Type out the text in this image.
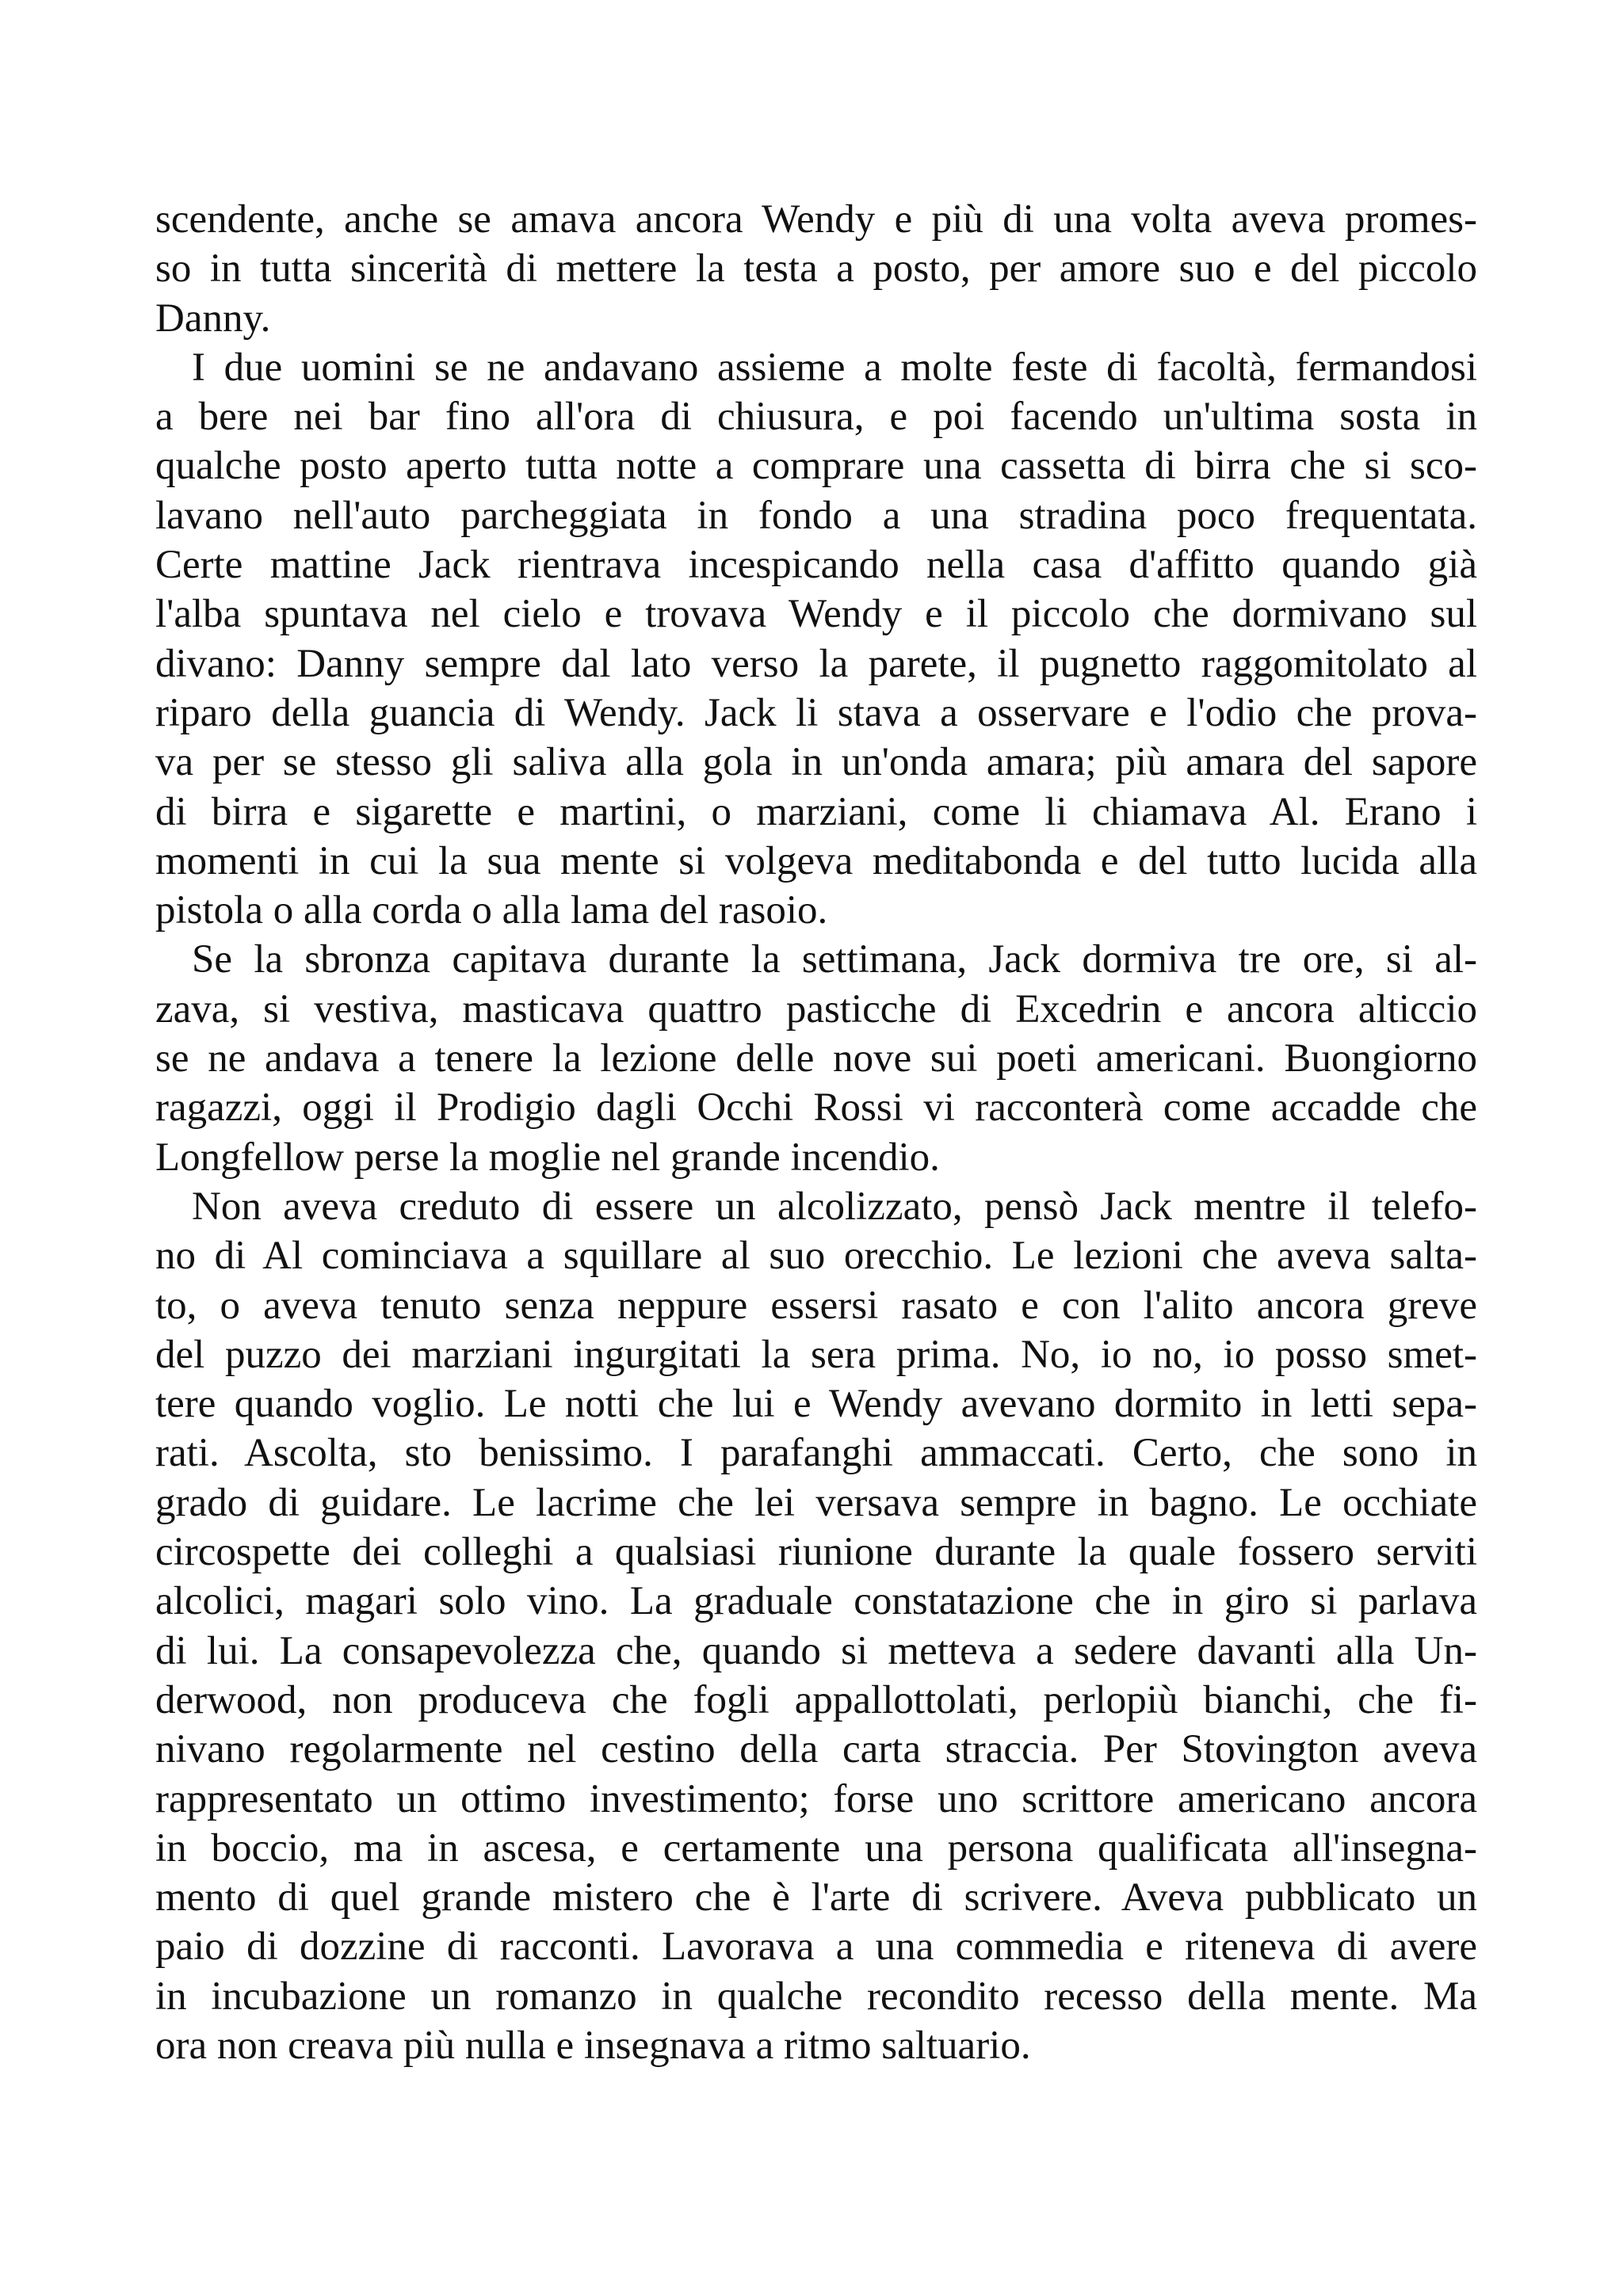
scendente, anche se amava ancora Wendy e più di una volta aveva promes-
so in tutta sincerità di mettere la testa a posto, per amore suo e del piccolo
Danny.
I due uomini se ne andavano assieme a molte feste di facoltà, fermandosi
a bere nei bar fino all'ora di chiusura, e poi facendo un'ultima sosta in
qualche posto aperto tutta notte a comprare una cassetta di birra che si sco-
lavano nell'auto parcheggiata in fondo a una stradina poco frequentata.
Certe mattine Jack rientrava incespicando nella casa d'affitto quando già
l'alba spuntava nel cielo e trovava Wendy e il piccolo che dormivano sul
divano: Danny sempre dal lato verso la parete, il pugnetto raggomitolato al
riparo della guancia di Wendy. Jack li stava a osservare e l'odio che prova-
va per se stesso gli saliva alla gola in un'onda amara; più amara del sapore
di birra e sigarette e martini, o marziani, come li chiamava Al. Erano i
momenti in cui la sua mente si volgeva meditabonda e del tutto lucida alla
pistola o alla corda o alla lama del rasoio.
Se la sbronza capitava durante la settimana, Jack dormiva tre ore, si al-
zava, si vestiva, masticava quattro pasticche di Excedrin e ancora alticcio
se ne andava a tenere la lezione delle nove sui poeti americani. Buongiorno
ragazzi, oggi il Prodigio dagli Occhi Rossi vi racconterà come accadde che
Longfellow perse la moglie nel grande incendio.
Non aveva creduto di essere un alcolizzato, pensò Jack mentre il telefo-
no di Al cominciava a squillare al suo orecchio. Le lezioni che aveva salta-
to, o aveva tenuto senza neppure essersi rasato e con l'alito ancora greve
del puzzo dei marziani ingurgitati la sera prima. No, io no, io posso smet-
tere quando voglio. Le notti che lui e Wendy avevano dormito in letti sepa-
rati. Ascolta, sto benissimo. I parafanghi ammaccati. Certo, che sono in
grado di guidare. Le lacrime che lei versava sempre in bagno. Le occhiate
circospette dei colleghi a qualsiasi riunione durante la quale fossero serviti
alcolici, magari solo vino. La graduale constatazione che in giro si parlava
di lui. La consapevolezza che, quando si metteva a sedere davanti alla Un-
derwood, non produceva che fogli appallottolati, perlopiù bianchi, che fi-
nivano regolarmente nel cestino della carta straccia. Per Stovington aveva
rappresentato un ottimo investimento; forse uno scrittore americano ancora
in boccio, ma in ascesa, e certamente una persona qualificata all'insegna-
mento di quel grande mistero che è l'arte di scrivere. Aveva pubblicato un
paio di dozzine di racconti. Lavorava a una commedia e riteneva di avere
in incubazione un romanzo in qualche recondito recesso della mente. Ma
ora non creava più nulla e insegnava a ritmo saltuario.
